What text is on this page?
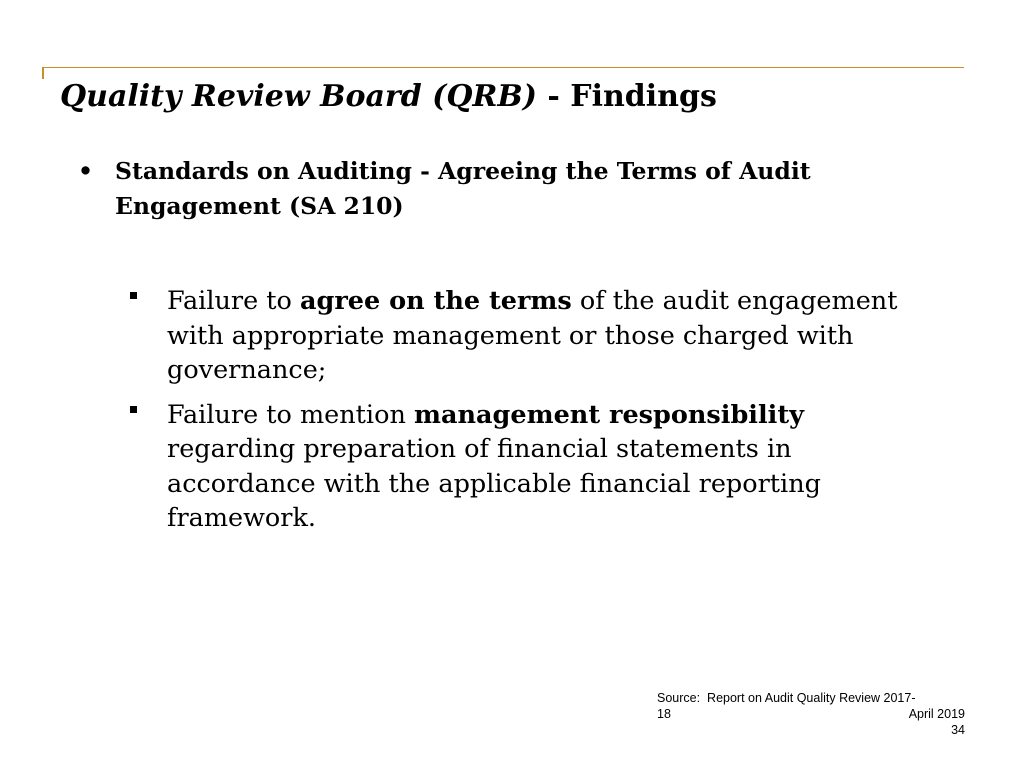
Quality Review Board (QRB) - Findings
• Standards on Auditing - Agreeing the Terms of Audit Engagement (SA 210)
Failure to agree on the terms of the audit engagement with appropriate management or those charged with governance;
Failure to mention management responsibility regarding preparation of financial statements in accordance with the applicable financial reporting framework.
Source: Report on Audit Quality Review 2017-
18	April 2019
34
